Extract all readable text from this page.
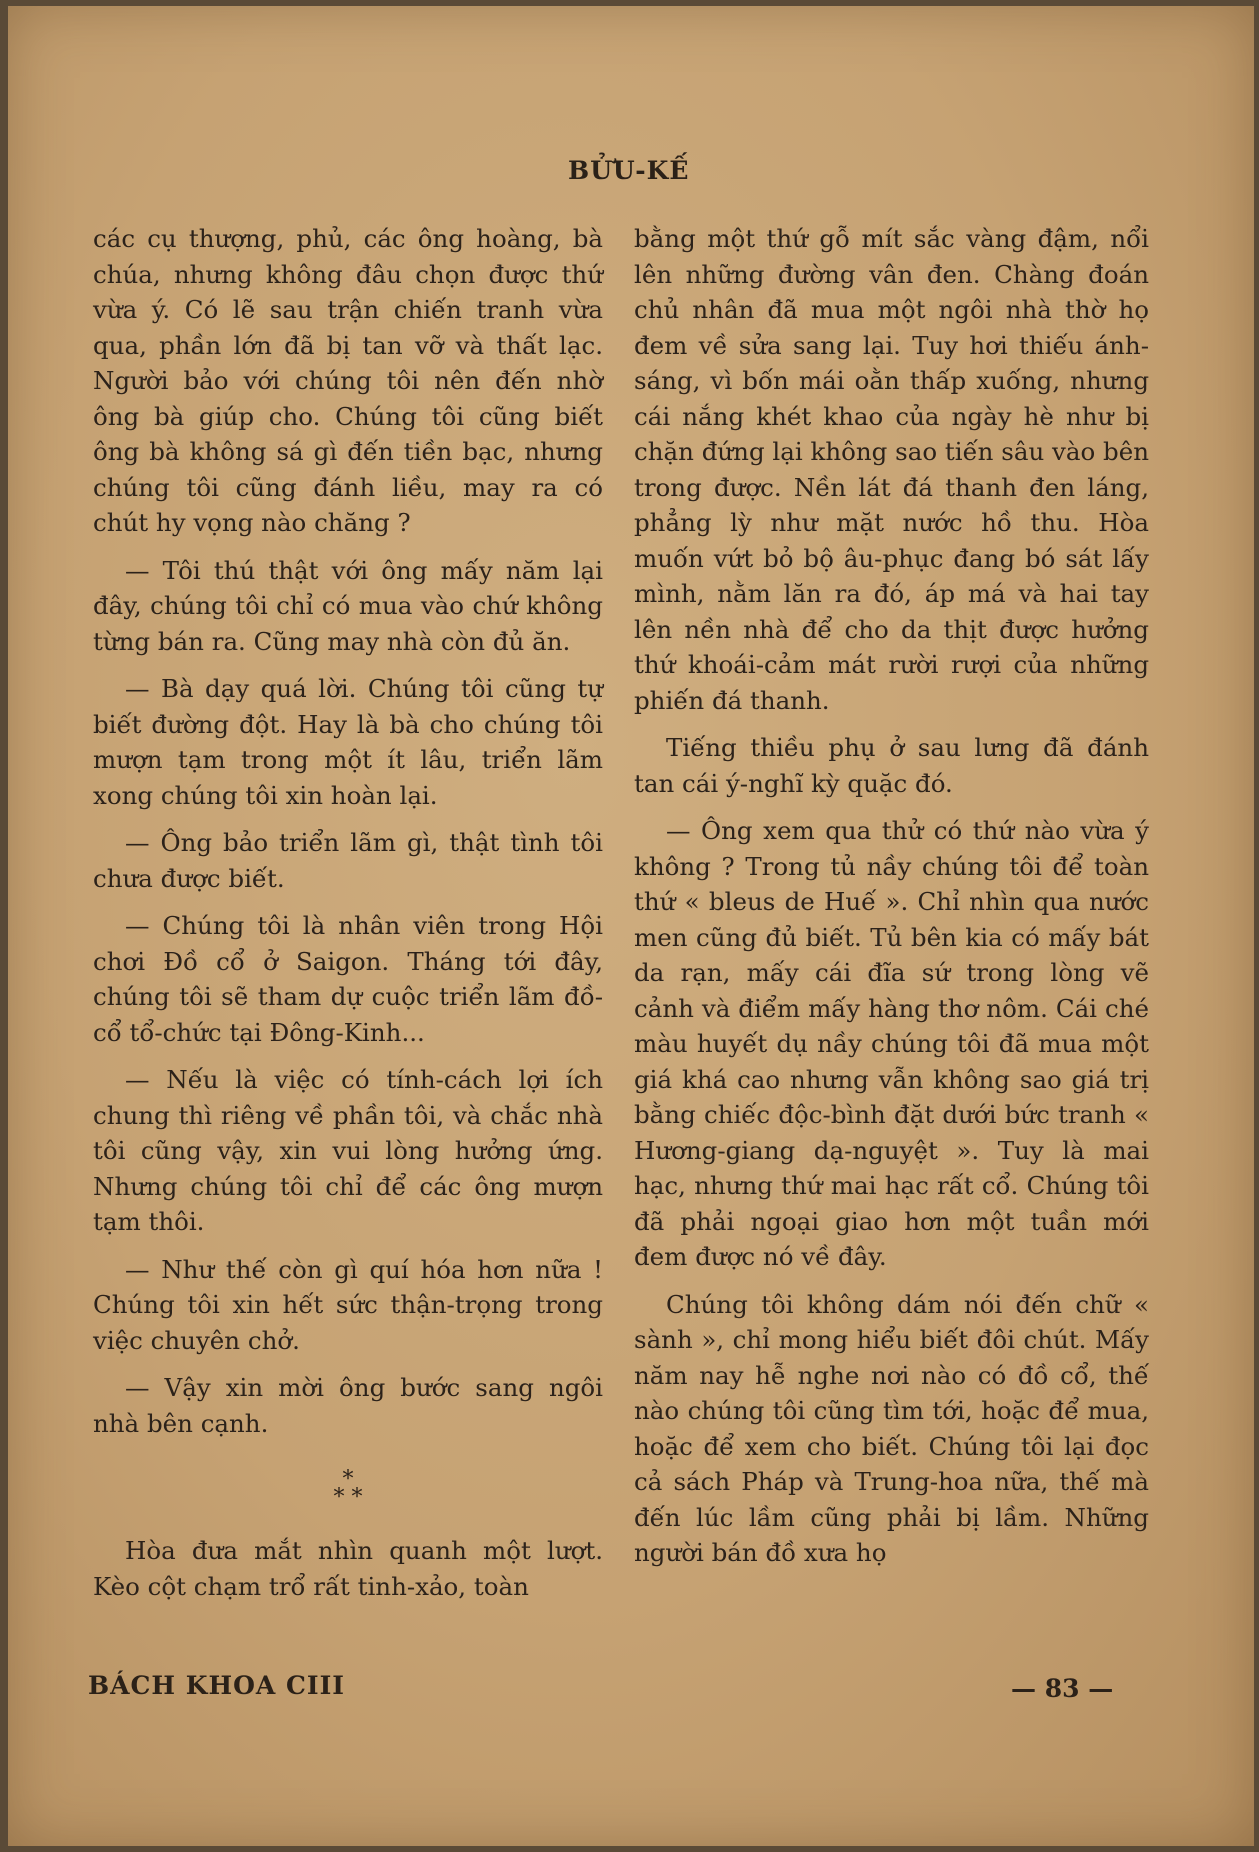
BỬU-KẾ

các cụ thượng, phủ, các ông hoàng, bà chúa, nhưng không đâu chọn được thứ vừa ý. Có lẽ sau trận chiến tranh vừa qua, phần lớn đã bị tan vỡ và thất lạc. Người bảo với chúng tôi nên đến nhờ ông bà giúp cho. Chúng tôi cũng biết ông bà không sá gì đến tiền bạc, nhưng chúng tôi cũng đánh liều, may ra có chút hy vọng nào chăng ?

— Tôi thú thật với ông mấy năm lại đây, chúng tôi chỉ có mua vào chứ không từng bán ra. Cũng may nhà còn đủ ăn.

— Bà dạy quá lời. Chúng tôi cũng tự biết đường đột. Hay là bà cho chúng tôi mượn tạm trong một ít lâu, triển lãm xong chúng tôi xin hoàn lại.

— Ông bảo triển lãm gì, thật tình tôi chưa được biết.

— Chúng tôi là nhân viên trong Hội chơi Đồ cổ ở Saigon. Tháng tới đây, chúng tôi sẽ tham dự cuộc triển lãm đồ-cổ tổ-chức tại Đông-Kinh...

— Nếu là việc có tính-cách lợi ích chung thì riêng về phần tôi, và chắc nhà tôi cũng vậy, xin vui lòng hưởng ứng. Nhưng chúng tôi chỉ để các ông mượn tạm thôi.

— Như thế còn gì quí hóa hơn nữa ! Chúng tôi xin hết sức thận-trọng trong việc chuyên chở.

— Vậy xin mời ông bước sang ngôi nhà bên cạnh.

*
* *

Hòa đưa mắt nhìn quanh một lượt. Kèo cột chạm trổ rất tinh-xảo, toàn

bằng một thứ gỗ mít sắc vàng đậm, nổi lên những đường vân đen. Chàng đoán chủ nhân đã mua một ngôi nhà thờ họ đem về sửa sang lại. Tuy hơi thiếu ánh-sáng, vì bốn mái oằn thấp xuống, nhưng cái nắng khét khao của ngày hè như bị chặn đứng lại không sao tiến sâu vào bên trong được. Nền lát đá thanh đen láng, phẳng lỳ như mặt nước hồ thu. Hòa muốn vứt bỏ bộ âu-phục đang bó sát lấy mình, nằm lăn ra đó, áp má và hai tay lên nền nhà để cho da thịt được hưởng thứ khoái-cảm mát rười rượi của những phiến đá thanh.

Tiếng thiều phụ ở sau lưng đã đánh tan cái ý-nghĩ kỳ quặc đó.

— Ông xem qua thử có thứ nào vừa ý không ? Trong tủ nầy chúng tôi để toàn thứ « bleus de Huế ». Chỉ nhìn qua nước men cũng đủ biết. Tủ bên kia có mấy bát da rạn, mấy cái đĩa sứ trong lòng vẽ cảnh và điểm mấy hàng thơ nôm. Cái ché màu huyết dụ nầy chúng tôi đã mua một giá khá cao nhưng vẫn không sao giá trị bằng chiếc độc-bình đặt dưới bức tranh « Hương-giang dạ-nguyệt ». Tuy là mai hạc, nhưng thứ mai hạc rất cổ. Chúng tôi đã phải ngoại giao hơn một tuần mới đem được nó về đây.

Chúng tôi không dám nói đến chữ « sành », chỉ mong hiểu biết đôi chút. Mấy năm nay hễ nghe nơi nào có đồ cổ, thế nào chúng tôi cũng tìm tới, hoặc để mua, hoặc để xem cho biết. Chúng tôi lại đọc cả sách Pháp và Trung-hoa nữa, thế mà đến lúc lầm cũng phải bị lầm. Những người bán đồ xưa họ

BÁCH KHOA CIII	— 83 —
